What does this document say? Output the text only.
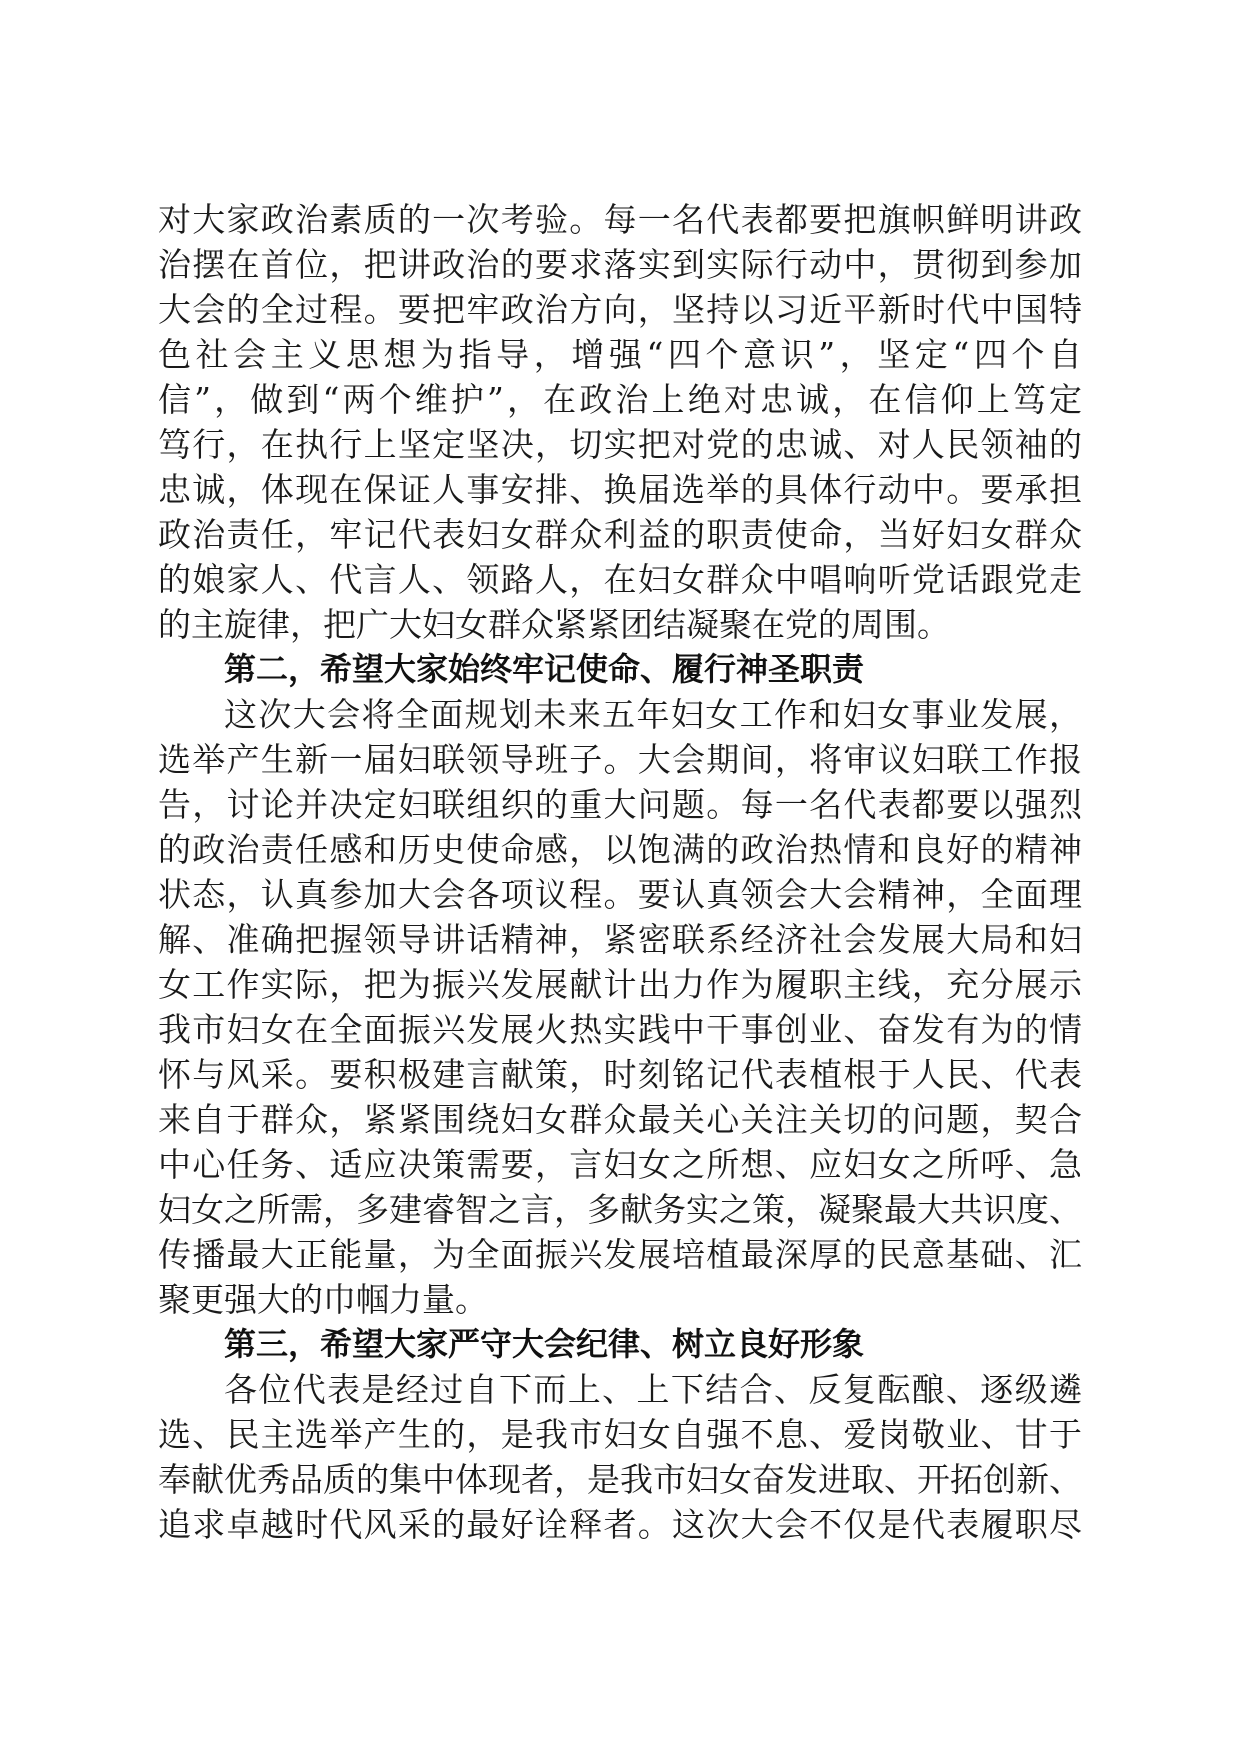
对大家政治素质的一次考验。每一名代表都要把旗帜鲜明讲政
治摆在首位，把讲政治的要求落实到实际行动中，贯彻到参加
大会的全过程。要把牢政治方向，坚持以习近平新时代中国特
色社会主义思想为指导，增强“四个意识”，坚定“四个自
信”，做到“两个维护”，在政治上绝对忠诚，在信仰上笃定
笃行，在执行上坚定坚决，切实把对党的忠诚、对人民领袖的
忠诚，体现在保证人事安排、换届选举的具体行动中。要承担
政治责任，牢记代表妇女群众利益的职责使命，当好妇女群众
的娘家人、代言人、领路人，在妇女群众中唱响听党话跟党走
的主旋律，把广大妇女群众紧紧团结凝聚在党的周围。
第二，希望大家始终牢记使命、履行神圣职责
这次大会将全面规划未来五年妇女工作和妇女事业发展，
选举产生新一届妇联领导班子。大会期间，将审议妇联工作报
告，讨论并决定妇联组织的重大问题。每一名代表都要以强烈
的政治责任感和历史使命感，以饱满的政治热情和良好的精神
状态，认真参加大会各项议程。要认真领会大会精神，全面理
解、准确把握领导讲话精神，紧密联系经济社会发展大局和妇
女工作实际，把为振兴发展献计出力作为履职主线，充分展示
我市妇女在全面振兴发展火热实践中干事创业、奋发有为的情
怀与风采。要积极建言献策，时刻铭记代表植根于人民、代表
来自于群众，紧紧围绕妇女群众最关心关注关切的问题，契合
中心任务、适应决策需要，言妇女之所想、应妇女之所呼、急
妇女之所需，多建睿智之言，多献务实之策，凝聚最大共识度、
传播最大正能量，为全面振兴发展培植最深厚的民意基础、汇
聚更强大的巾帼力量。
第三，希望大家严守大会纪律、树立良好形象
各位代表是经过自下而上、上下结合、反复酝酿、逐级遴
选、民主选举产生的，是我市妇女自强不息、爱岗敬业、甘于
奉献优秀品质的集中体现者，是我市妇女奋发进取、开拓创新、
追求卓越时代风采的最好诠释者。这次大会不仅是代表履职尽
